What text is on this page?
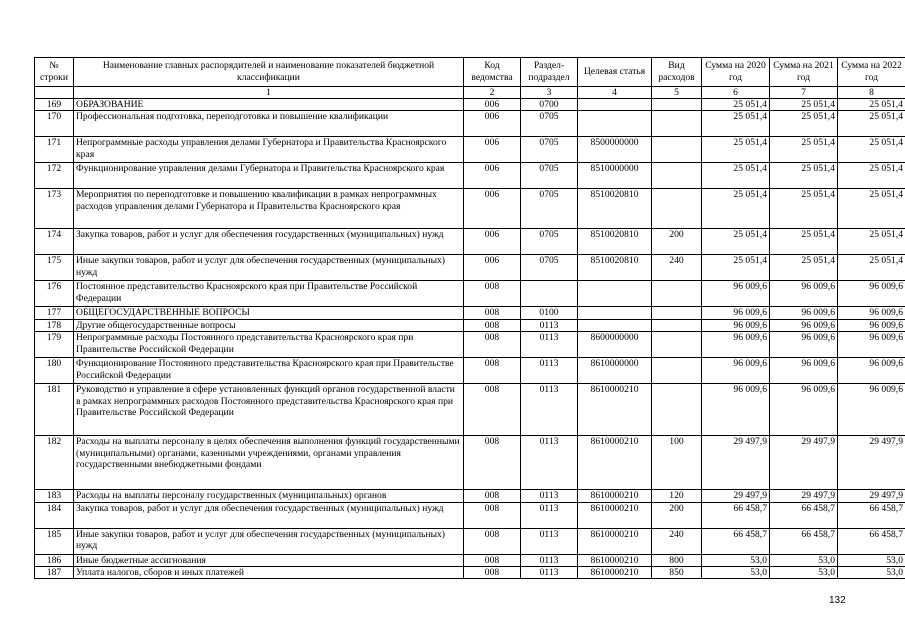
№ строки	Наименование главных распорядителей и наименование показателей бюджетной классификации	Код ведомства	Раздел-подраздел	Целевая статья	Вид расходов	Сумма на 2020 год	Сумма на 2021 год	Сумма на 2022 год
	1	2	3	4	5	6	7	8
169	ОБРАЗОВАНИЕ	006	0700			25 051,4	25 051,4	25 051,4
170	Профессиональная подготовка, переподготовка и повышение квалификации	006	0705			25 051,4	25 051,4	25 051,4
171	Непрограммные расходы управления делами Губернатора и Правительства Красноярского края	006	0705	8500000000		25 051,4	25 051,4	25 051,4
172	Функционирование управления делами Губернатора и Правительства Красноярского края	006	0705	8510000000		25 051,4	25 051,4	25 051,4
173	Мероприятия по переподготовке и повышению квалификации в рамках непрограммных расходов управления делами Губернатора и Правительства Красноярского края	006	0705	8510020810		25 051,4	25 051,4	25 051,4
174	Закупка товаров, работ и услуг для обеспечения государственных (муниципальных) нужд	006	0705	8510020810	200	25 051,4	25 051,4	25 051,4
175	Иные закупки товаров, работ и услуг для обеспечения государственных (муниципальных) нужд	006	0705	8510020810	240	25 051,4	25 051,4	25 051,4
176	Постоянное представительство Красноярского края при Правительстве Российской Федерации	008				96 009,6	96 009,6	96 009,6
177	ОБЩЕГОСУДАРСТВЕННЫЕ ВОПРОСЫ	008	0100			96 009,6	96 009,6	96 009,6
178	Другие общегосударственные вопросы	008	0113			96 009,6	96 009,6	96 009,6
179	Непрограммные расходы Постоянного представительства Красноярского края при Правительстве Российской Федерации	008	0113	8600000000		96 009,6	96 009,6	96 009,6
180	Функционирование Постоянного представительства Красноярского края при Правительстве Российской Федерации	008	0113	8610000000		96 009,6	96 009,6	96 009,6
181	Руководство и управление в сфере установленных функций органов государственной власти в рамках непрограммных расходов Постоянного представительства Красноярского края при Правительстве Российской Федерации	008	0113	8610000210		96 009,6	96 009,6	96 009,6
182	Расходы на выплаты персоналу в целях обеспечения выполнения функций государственными (муниципальными) органами, казенными учреждениями, органами управления государственными внебюджетными фондами	008	0113	8610000210	100	29 497,9	29 497,9	29 497,9
183	Расходы на выплаты персоналу государственных (муниципальных) органов	008	0113	8610000210	120	29 497,9	29 497,9	29 497,9
184	Закупка товаров, работ и услуг для обеспечения государственных (муниципальных) нужд	008	0113	8610000210	200	66 458,7	66 458,7	66 458,7
185	Иные закупки товаров, работ и услуг для обеспечения государственных (муниципальных) нужд	008	0113	8610000210	240	66 458,7	66 458,7	66 458,7
186	Иные бюджетные ассигнования	008	0113	8610000210	800	53,0	53,0	53,0
187	Уплата налогов, сборов и иных платежей	008	0113	8610000210	850	53,0	53,0	53,0
132
